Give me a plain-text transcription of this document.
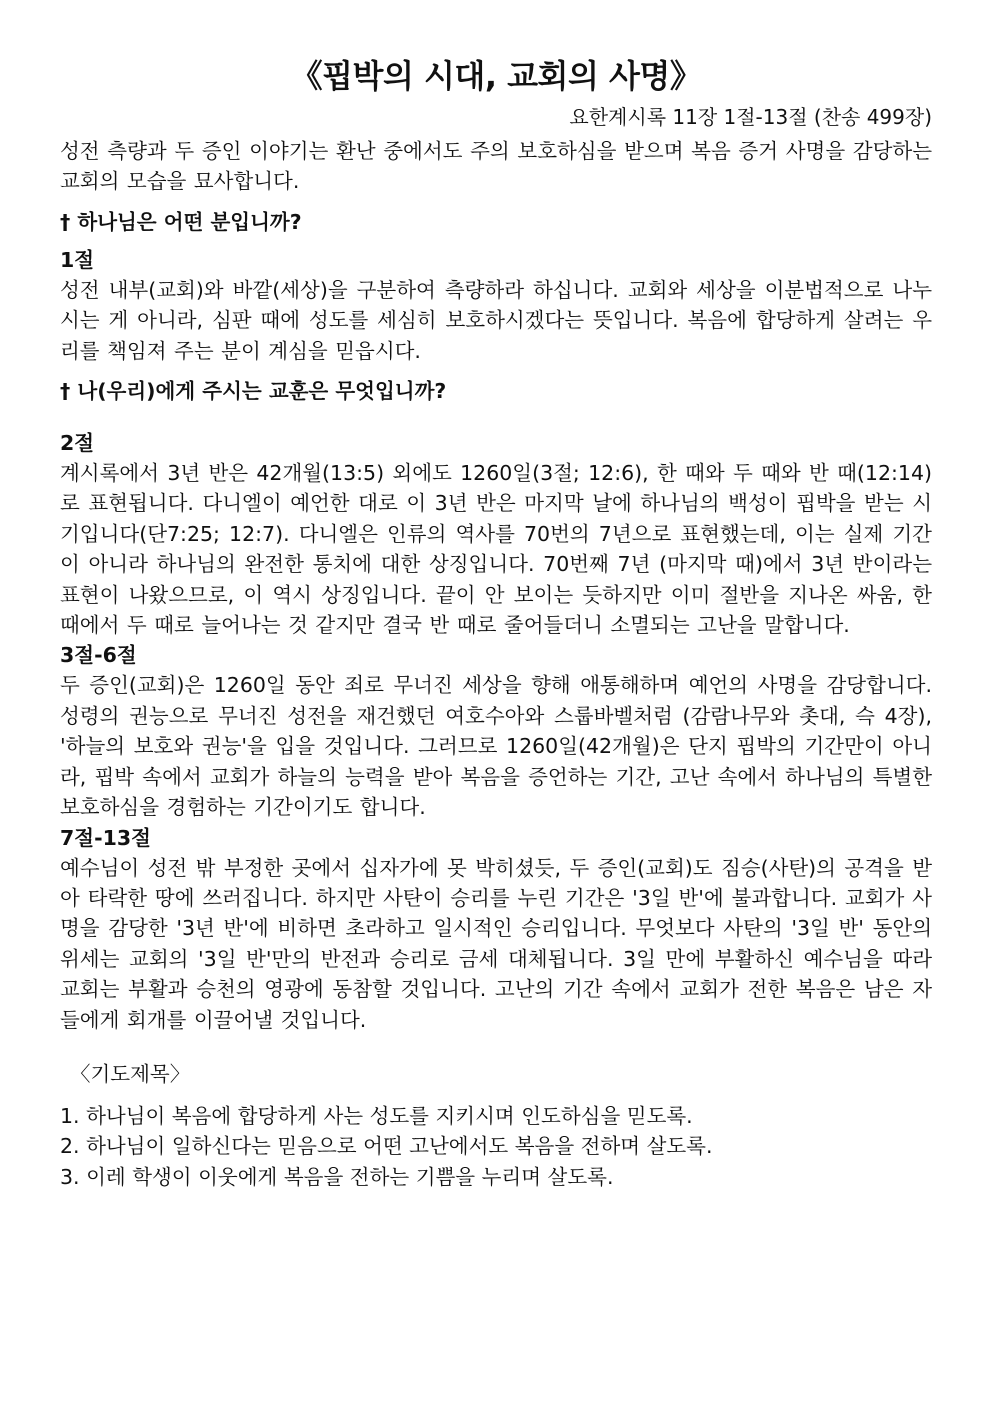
《핍박의 시대, 교회의 사명》
요한계시록 11장 1절-13절 (찬송 499장)

성전 측량과 두 증인 이야기는 환난 중에서도 주의 보호하심을 받으며 복음 증거 사명을 감당하는 교회의 모습을 묘사합니다.

† 하나님은 어떤 분입니까?
1절

성전 내부(교회)와 바깥(세상)을 구분하여 측량하라 하십니다. 교회와 세상을 이분법적으로 나누시는 게 아니라, 심판 때에 성도를 세심히 보호하시겠다는 뜻입니다. 복음에 합당하게 살려는 우리를 책임져 주는 분이 계심을 믿읍시다.

† 나(우리)에게 주시는 교훈은 무엇입니까?
2절

계시록에서 3년 반은 42개월(13:5) 외에도 1260일(3절; 12:6), 한 때와 두 때와 반 때(12:14)로 표현됩니다. 다니엘이 예언한 대로 이 3년 반은 마지막 날에 하나님의 백성이 핍박을 받는 시기입니다(단7:25; 12:7). 다니엘은 인류의 역사를 70번의 7년으로 표현했는데, 이는 실제 기간이 아니라 하나님의 완전한 통치에 대한 상징입니다. 70번째 7년 (마지막 때)에서 3년 반이라는 표현이 나왔으므로, 이 역시 상징입니다. 끝이 안 보이는 듯하지만 이미 절반을 지나온 싸움, 한 때에서 두 때로 늘어나는 것 같지만 결국 반 때로 줄어들더니 소멸되는 고난을 말합니다.

3절-6절

두 증인(교회)은 1260일 동안 죄로 무너진 세상을 향해 애통해하며 예언의 사명을 감당합니다. 성령의 권능으로 무너진 성전을 재건했던 여호수아와 스룹바벨처럼 (감람나무와 촛대, 슥 4장), '하늘의 보호와 권능'을 입을 것입니다. 그러므로 1260일(42개월)은 단지 핍박의 기간만이 아니라, 핍박 속에서 교회가 하늘의 능력을 받아 복음을 증언하는 기간, 고난 속에서 하나님의 특별한 보호하심을 경험하는 기간이기도 합니다.

7절-13절

예수님이 성전 밖 부정한 곳에서 십자가에 못 박히셨듯, 두 증인(교회)도 짐승(사탄)의 공격을 받아 타락한 땅에 쓰러집니다. 하지만 사탄이 승리를 누린 기간은 '3일 반'에 불과합니다. 교회가 사명을 감당한 '3년 반'에 비하면 초라하고 일시적인 승리입니다. 무엇보다 사탄의 '3일 반' 동안의 위세는 교회의 '3일 반'만의 반전과 승리로 금세 대체됩니다. 3일 만에 부활하신 예수님을 따라 교회는 부활과 승천의 영광에 동참할 것입니다. 고난의 기간 속에서 교회가 전한 복음은 남은 자들에게 회개를 이끌어낼 것입니다.

〈기도제목〉
1. 하나님이 복음에 합당하게 사는 성도를 지키시며 인도하심을 믿도록.
2. 하나님이 일하신다는 믿음으로 어떤 고난에서도 복음을 전하며 살도록.
3. 이레 학생이 이웃에게 복음을 전하는 기쁨을 누리며 살도록.
